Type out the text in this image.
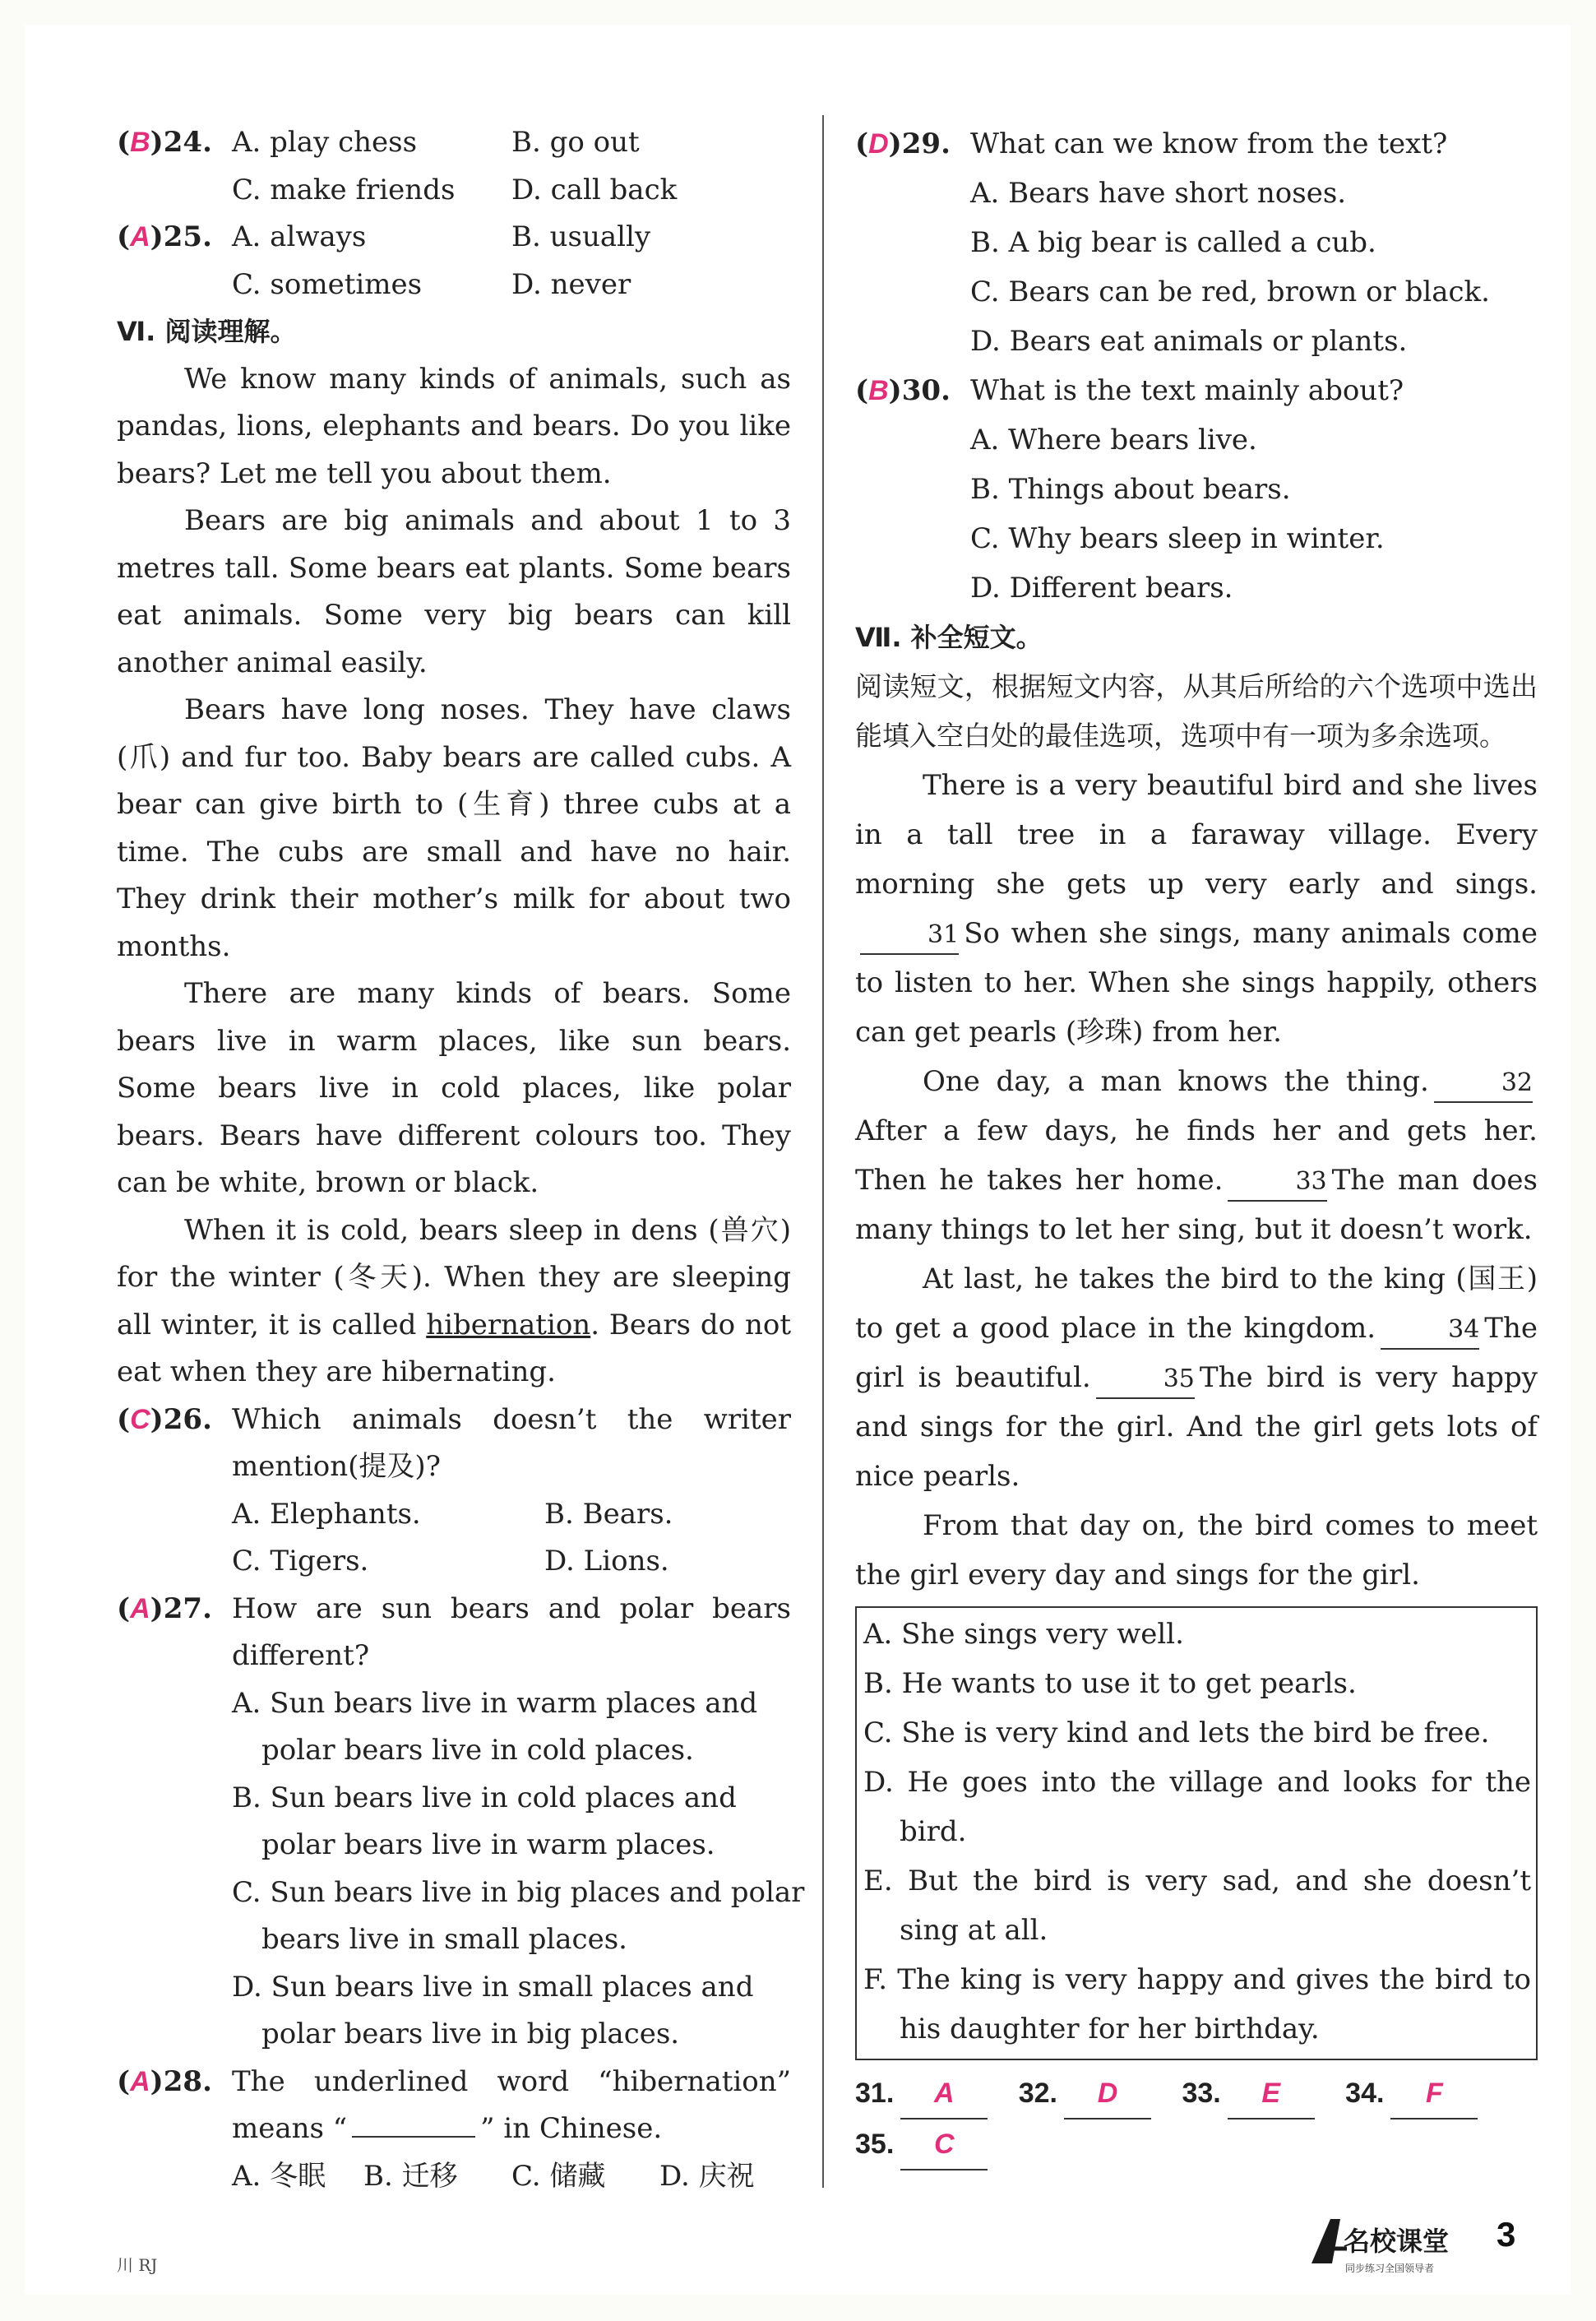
(B)24. A. play chess	B. go out
C. make friends D. call back
(A)25. A. always	B. usually
C. sometimes	D. never
Ⅵ. 阅读理解。

We know many kinds of animals, such as pandas, lions, elephants and bears. Do you like bears? Let me tell you about them.

Bears are big animals and about 1 to 3 metres tall. Some bears eat plants. Some bears eat animals. Some very big bears can kill another animal easily.

Bears have long noses. They have claws (爪) and fur too. Baby bears are called cubs. A bear can give birth to (生育) three cubs at a time. The cubs are small and have no hair. They drink their mother’s milk for about two months.

There are many kinds of bears. Some bears live in warm places, like sun bears. Some bears live in cold places, like polar bears. Bears have different colours too. They can be white, brown or black.

When it is cold, bears sleep in dens (兽穴) for the winter (冬天). When they are sleeping all winter, it is called hibernation. Bears do not eat when they are hibernating.

(C)26. Which animals doesn’t the writer
mention(提及)?
A. Elephants.	B. Bears.
C. Tigers.	D. Lions.
(A)27. How are sun bears and polar bears
different?
A. Sun bears live in warm places and
polar bears live in cold places.
B. Sun bears live in cold places and
polar bears live in warm places.
C. Sun bears live in big places and polar
bears live in small places.
D. Sun bears live in small places and
polar bears live in big places.
(A)28. The underlined word “hibernation”
means “	” in Chinese.
A. 冬眠 B. 迁移 C. 储藏 D. 庆祝
(D)29. What can we know from the text?
A. Bears have short noses.
B. A big bear is called a cub.
C. Bears can be red, brown or black.
D. Bears eat animals or plants.
(B)30. What is the text mainly about?
A. Where bears live.
B. Things about bears.
C. Why bears sleep in winter.
D. Different bears.
Ⅶ. 补全短文。

阅读短文，根据短文内容，从其后所给的六个选项中选出能填入空白处的最佳选项，选项中有一项为多余选项。

There is a very beautiful bird and she lives in a tall tree in a faraway village. Every morning she gets up very early and sings.31 So when she sings, many animals come to listen to her. When she sings happily, others can get pearls (珍珠) from her.

One day, a man knows the thing.	32After a few days, he finds her and gets her. Then he takes her home.	33 The man does many things to let her sing, but it doesn’t work.

At last, he takes the bird to the king (国王) to get a good place in the kingdom.	34 The girl is beautiful.	35 The bird is very happy and sings for the girl. And the girl gets lots of nice pearls.

From that day on, the bird comes to meet the girl every day and sings for the girl.

A. She sings very well.

B. He wants to use it to get pearls.

C. She is very kind and lets the bird be free.

D. He goes into the village and looks for the bird.

E. But the bird is very sad, and she doesn’t sing at all.

F. The king is very happy and gives the bird to his daughter for her birthday.

31. A 32. D 33. E 34. F
35. C
川 RJ
名校课堂
同步练习全国领导者
3
